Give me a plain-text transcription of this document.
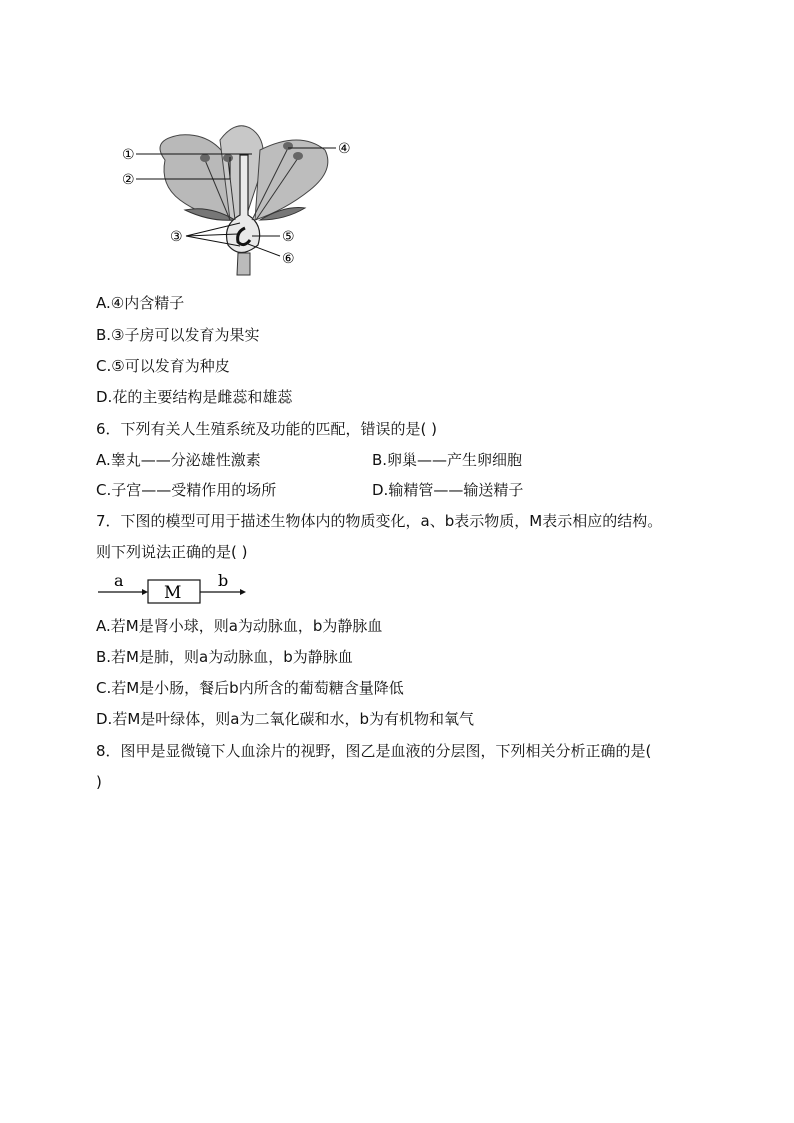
①
②
④
③	⑤
⑥
A.④内含精子
B.③子房可以发育为果实
C.⑤可以发育为种皮
D.花的主要结构是雌蕊和雄蕊
6．下列有关人生殖系统及功能的匹配，错误的是( )
A.睾丸——分泌雄性激素	B.卵巢——产生卵细胞
C.子宫——受精作用的场所	D.输精管——输送精子
7．下图的模型可用于描述生物体内的物质变化，a、b表示物质，M表示相应的结构。
则下列说法正确的是( )
a
M
b
A.若M是肾小球，则a为动脉血，b为静脉血
B.若M是肺，则a为动脉血，b为静脉血
C.若M是小肠，餐后b内所含的葡萄糖含量降低
D.若M是叶绿体，则a为二氧化碳和水，b为有机物和氧气
8．图甲是显微镜下人血涂片的视野，图乙是血液的分层图，下列相关分析正确的是(
)
